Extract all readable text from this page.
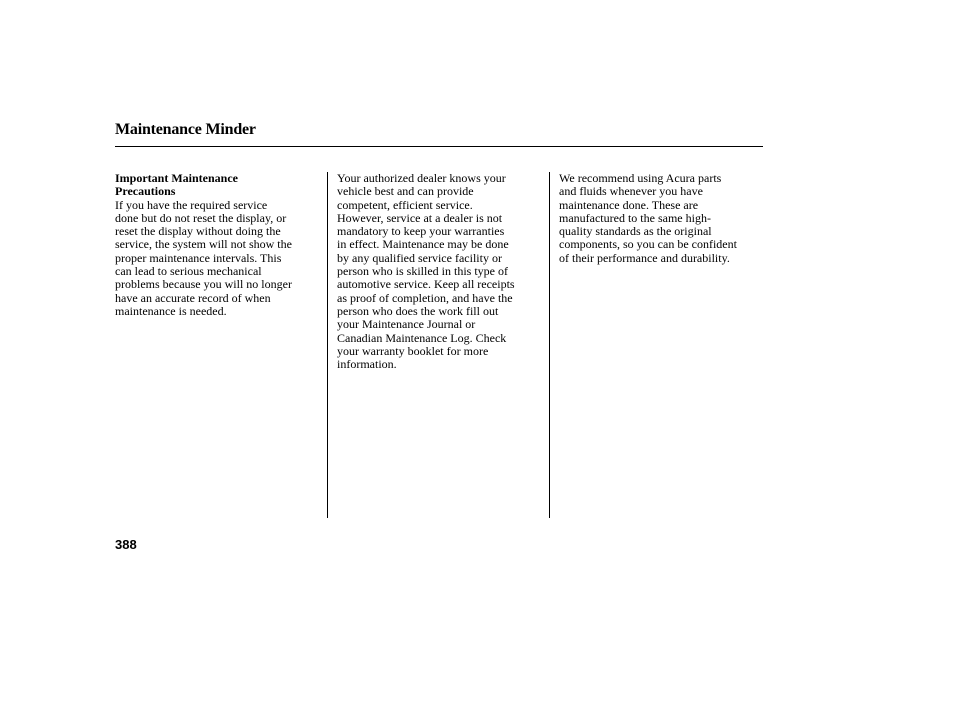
Maintenance Minder
Important Maintenance
Precautions
If you have the required service
done but do not reset the display, or
reset the display without doing the
service, the system will not show the
proper maintenance intervals. This
can lead to serious mechanical
problems because you will no longer
have an accurate record of when
maintenance is needed.
Your authorized dealer knows your
vehicle best and can provide
competent, efficient service.
However, service at a dealer is not
mandatory to keep your warranties
in effect. Maintenance may be done
by any qualified service facility or
person who is skilled in this type of
automotive service. Keep all receipts
as proof of completion, and have the
person who does the work fill out
your Maintenance Journal or
Canadian Maintenance Log. Check
your warranty booklet for more
information.
We recommend using Acura parts
and fluids whenever you have
maintenance done. These are
manufactured to the same high-
quality standards as the original
components, so you can be confident
of their performance and durability.
388
